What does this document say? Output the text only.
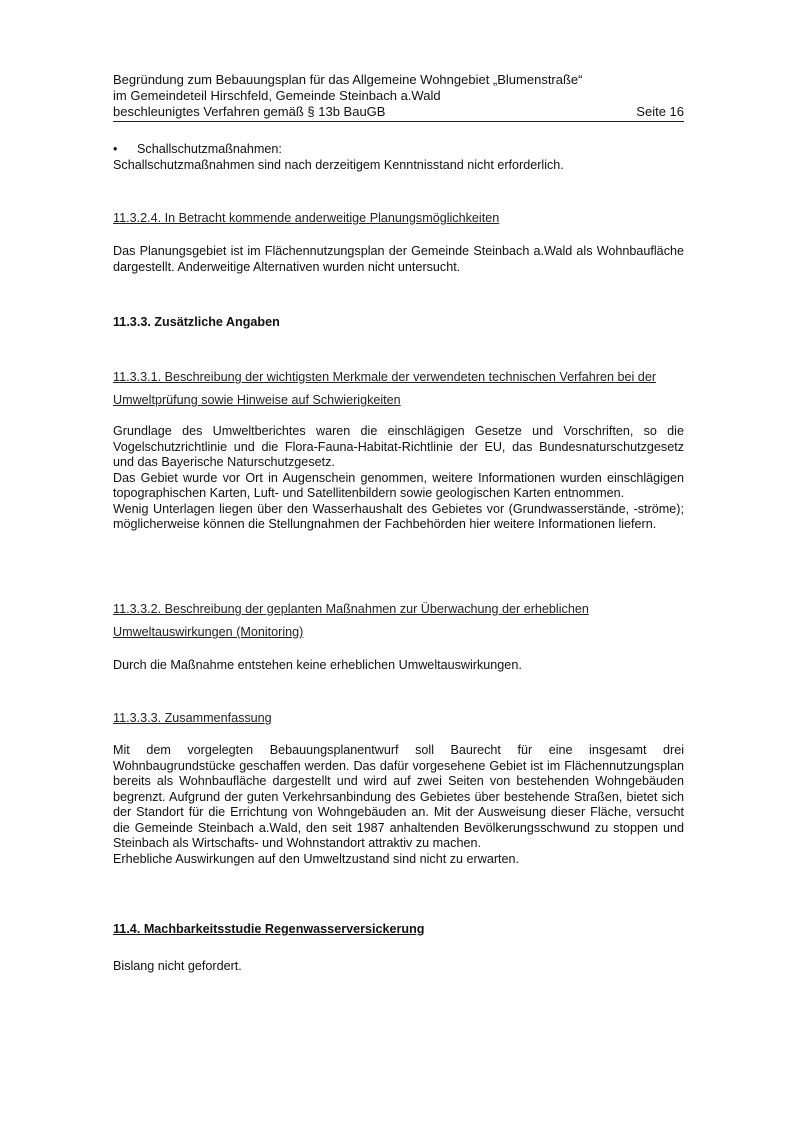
Begründung zum Bebauungsplan für das Allgemeine Wohngebiet „Blumenstraße“
im Gemeindeteil Hirschfeld, Gemeinde Steinbach a.Wald
beschleunigtes Verfahren gemäß § 13b BauGB	Seite 16
•	Schallschutzmaßnahmen:

Schallschutzmaßnahmen sind nach derzeitigem Kenntnisstand nicht erforderlich.

11.3.2.4. In Betracht kommende anderweitige Planungsmöglichkeiten

Das Planungsgebiet ist im Flächennutzungsplan der Gemeinde Steinbach a.Wald als Wohnbaufläche dargestellt. Anderweitige Alternativen wurden nicht untersucht.

11.3.3. Zusätzliche Angaben

11.3.3.1. Beschreibung der wichtigsten Merkmale der verwendeten technischen Verfahren bei der Umweltprüfung sowie Hinweise auf Schwierigkeiten

Grundlage des Umweltberichtes waren die einschlägigen Gesetze und Vorschriften, so die Vogelschutzrichtlinie und die Flora-Fauna-Habitat-Richtlinie der EU, das Bundesnaturschutzgesetz und das Bayerische Naturschutzgesetz.

Das Gebiet wurde vor Ort in Augenschein genommen, weitere Informationen wurden einschlägigen topographischen Karten, Luft- und Satellitenbildern sowie geologischen Karten entnommen.

Wenig Unterlagen liegen über den Wasserhaushalt des Gebietes vor (Grundwasserstände, -ströme); möglicherweise können die Stellungnahmen der Fachbehörden hier weitere Informationen liefern.

11.3.3.2. Beschreibung der geplanten Maßnahmen zur Überwachung der erheblichen Umweltauswirkungen (Monitoring)

Durch die Maßnahme entstehen keine erheblichen Umweltauswirkungen.

11.3.3.3. Zusammenfassung

Mit dem vorgelegten Bebauungsplanentwurf soll Baurecht für eine insgesamt drei Wohnbaugrundstücke geschaffen werden. Das dafür vorgesehene Gebiet ist im Flächennutzungsplan bereits als Wohnbaufläche dargestellt und wird auf zwei Seiten von bestehenden Wohngebäuden begrenzt. Aufgrund der guten Verkehrsanbindung des Gebietes über bestehende Straßen, bietet sich der Standort für die Errichtung von Wohngebäuden an. Mit der Ausweisung dieser Fläche, versucht die Gemeinde Steinbach a.Wald, den seit 1987 anhaltenden Bevölkerungsschwund zu stoppen und Steinbach als Wirtschafts- und Wohnstandort attraktiv zu machen.

Erhebliche Auswirkungen auf den Umweltzustand sind nicht zu erwarten.

11.4. Machbarkeitsstudie Regenwasserversickerung

Bislang nicht gefordert.
